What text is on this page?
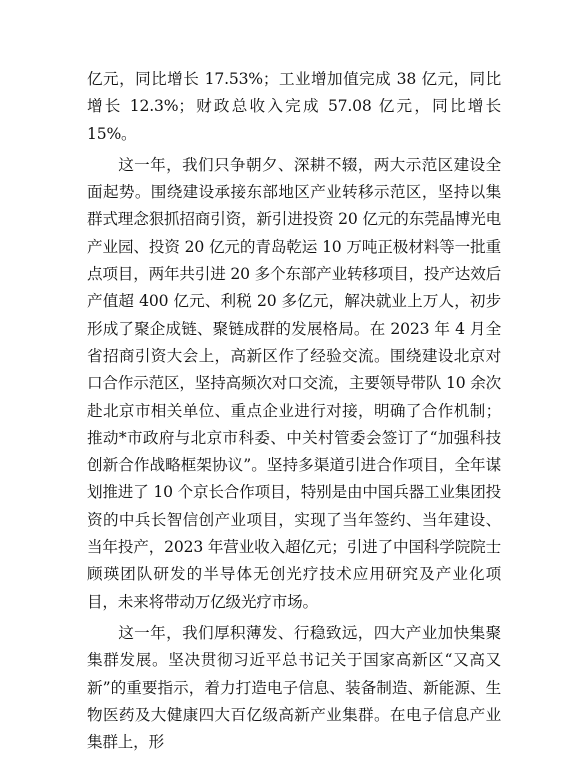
亿元，同比增长 17.53%；工业增加值完成 38 亿元，同比增长 12.3%；财政总收入完成 57.08 亿元，同比增长 15%。

这一年，我们只争朝夕、深耕不辍，两大示范区建设全面起势。围绕建设承接东部地区产业转移示范区，坚持以集群式理念狠抓招商引资，新引进投资 20 亿元的东莞晶博光电产业园、投资 20 亿元的青岛乾运 10 万吨正极材料等一批重点项目，两年共引进 20 多个东部产业转移项目，投产达效后产值超 400 亿元、利税 20 多亿元，解决就业上万人，初步形成了聚企成链、聚链成群的发展格局。在 2023 年 4 月全省招商引资大会上，高新区作了经验交流。围绕建设北京对口合作示范区，坚持高频次对口交流，主要领导带队 10 余次赴北京市相关单位、重点企业进行对接，明确了合作机制；推动*市政府与北京市科委、中关村管委会签订了“加强科技创新合作战略框架协议”。坚持多渠道引进合作项目，全年谋划推进了 10 个京长合作项目，特别是由中国兵器工业集团投资的中兵长智信创产业项目，实现了当年签约、当年建设、当年投产，2023 年营业收入超亿元；引进了中国科学院院士顾瑛团队研发的半导体无创光疗技术应用研究及产业化项目，未来将带动万亿级光疗市场。

这一年，我们厚积薄发、行稳致远，四大产业加快集聚集群发展。坚决贯彻习近平总书记关于国家高新区“又高又新”的重要指示，着力打造电子信息、装备制造、新能源、生物医药及大健康四大百亿级高新产业集群。在电子信息产业集群上，形
